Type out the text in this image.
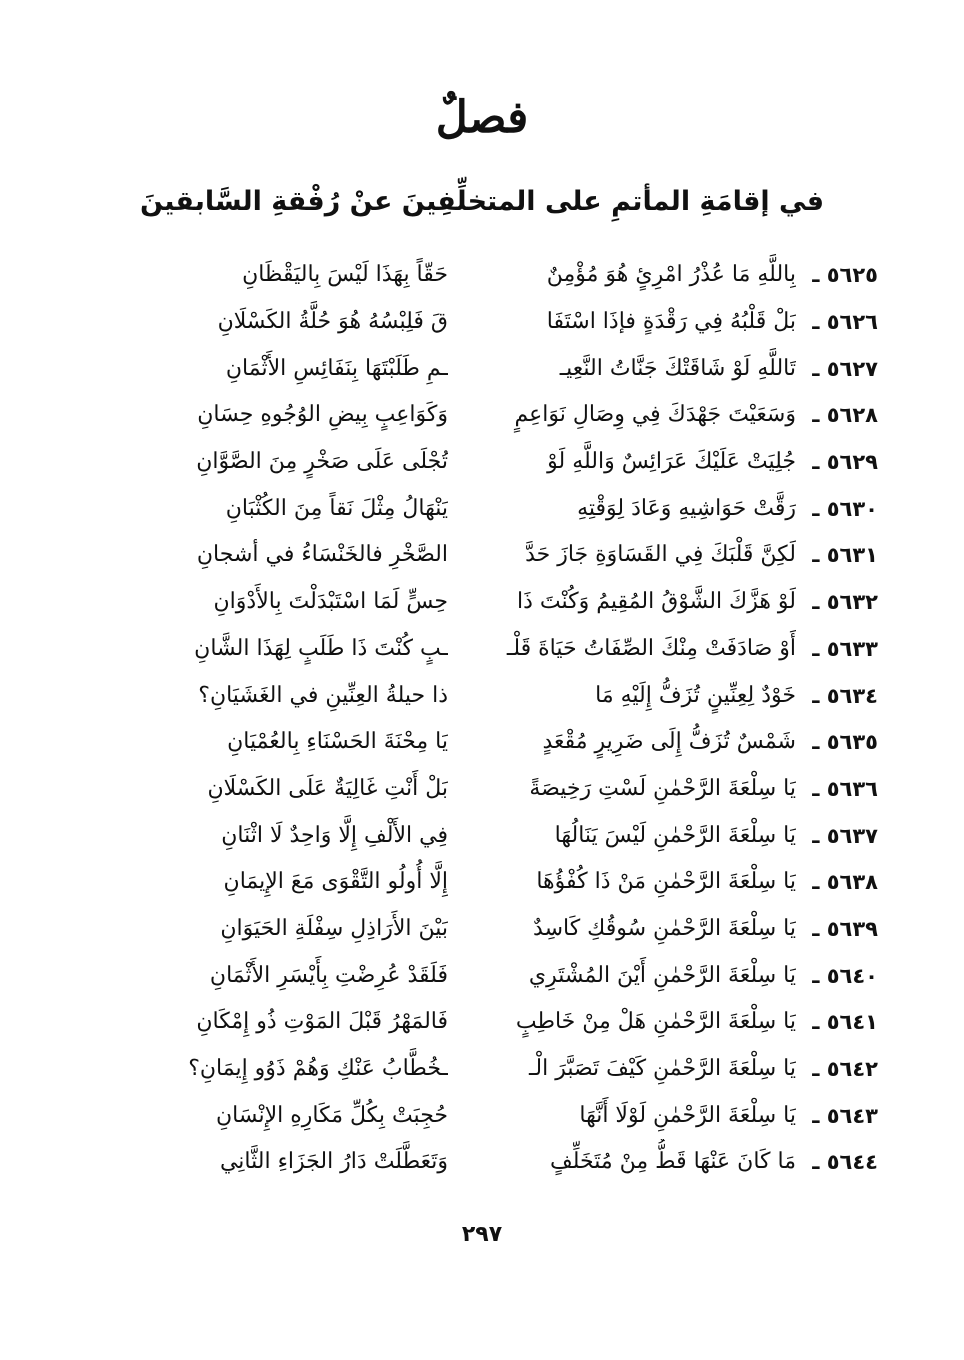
فصلٌ
في إقامَةِ المأتمِ على المتخلِّفِينَ عنْ رُفْقةِ السَّابقينَ
٥٦٢٥ ـ
بِاللَّهِ مَا عُذْرُ امْرِئٍ هُوَ مُؤْمِنٌ
حَقّاً بِهَذَا لَيْسَ بِاليَقْظَانِ
٥٦٢٦ ـ
بَلْ قَلْبُهُ فِي رَقْدَةٍ فإذَا اسْتَفَا
قَ فَلِبْسُهُ هُوَ حُلَّةُ الكَسْلَانِ
٥٦٢٧ ـ
تَاللَّهِ لَوْ شَاقَتْكَ جَنَّاتُ النَّعِيـ
ـمِ طَلَبْتَهَا بِنَفَائِسِ الأَثْمَانِ
٥٦٢٨ ـ
وَسَعَيْتَ جَهْدَكَ فِي وِصَالِ نَوَاعِمٍ
وَكَوَاعِبٍ بِيضِ الوُجُوهِ حِسَانِ
٥٦٢٩ ـ
جُلِيَتْ عَلَيْكَ عَرَائِسٌ وَاللَّهِ لَوْ
تُجْلَى عَلَى صَخْرٍ مِنَ الصَّوَّانِ
٥٦٣٠ ـ
رَقَّتْ حَوَاشِيهِ وَعَادَ لِوَقْتِهِ
يَنْهَالُ مِثْلَ نَقاً مِنَ الكُثْبَانِ
٥٦٣١ ـ
لَكِنَّ قَلْبَكَ فِي القَسَاوَةِ جَازَ حَدَّ
الصَّخْرِ فالخَنْسَاءُ في أشجانِ
٥٦٣٢ ـ
لَوْ هَزَّكَ الشَّوْقُ المُقِيمُ وَكُنْتَ ذَا
حِسٍّ لَمَا اسْتَبْدَلْتَ بِالأَدْوَانِ
٥٦٣٣ ـ
أَوْ صَادَفَتْ مِنْكَ الصِّفَاتُ حَيَاةَ قَلْـ
ـبٍ كُنْتَ ذَا طَلَبٍ لِهَذَا الشَّانِ
٥٦٣٤ ـ
خَوْدٌ لِعِنِّينٍ تُزَفُّ إِلَيْهِ مَا
ذا حيلةُ العِنِّينِ في الغَشَيَانِ؟
٥٦٣٥ ـ
شَمْسٌ تُزَفُّ إِلَى ضَرِيرٍ مُقْعَدٍ
يَا مِحْنَةَ الحَسْنَاءِ بِالعُمْيَانِ
٥٦٣٦ ـ
يَا سِلْعَةَ الرَّحْمٰنِ لَسْتِ رَخِيصَةً
بَلْ أَنْتِ غَالِيَةٌ عَلَى الكَسْلَانِ
٥٦٣٧ ـ
يَا سِلْعَةَ الرَّحْمٰنِ لَيْسَ يَنَالُهَا
فِي الأَلْفِ إِلَّا وَاحِدٌ لَا اثْنَانِ
٥٦٣٨ ـ
يَا سِلْعَةَ الرَّحْمٰنِ مَنْ ذَا كُفْؤُهَا
إِلَّا أُولُو التَّقْوَى مَعَ الإِيمَانِ
٥٦٣٩ ـ
يَا سِلْعَةَ الرَّحْمٰنِ سُوقُكِ كَاسِدٌ
بَيْنَ الأَرَاذِلِ سِفْلَةِ الحَيَوَانِ
٥٦٤٠ ـ
يَا سِلْعَةَ الرَّحْمٰنِ أَيْنَ المُشْتَرِي
فَلَقَدْ عُرِضْتِ بِأَيْسَرِ الأَثْمَانِ
٥٦٤١ ـ
يَا سِلْعَةَ الرَّحْمٰنِ هَلْ مِنْ خَاطِبٍ
فَالمَهْرُ قَبْلَ المَوْتِ ذُو إِمْكَانِ
٥٦٤٢ ـ
يَا سِلْعَةَ الرَّحْمٰنِ كَيْفَ تَصَبَّرَ الْـ
ـخُطَّابُ عَنْكِ وَهُمْ ذَوُو إِيمَانِ؟
٥٦٤٣ ـ
يَا سِلْعَةَ الرَّحْمٰنِ لَوْلَا أَنَّهَا
حُجِبَتْ بِكُلِّ مَكَارِهِ الإِنْسَانِ
٥٦٤٤ ـ
مَا كَانَ عَنْهَا قَطُّ مِنْ مُتَخَلِّفٍ
وَتَعَطَّلَتْ دَارُ الجَزَاءِ الثَّانِي
٢٩٧
